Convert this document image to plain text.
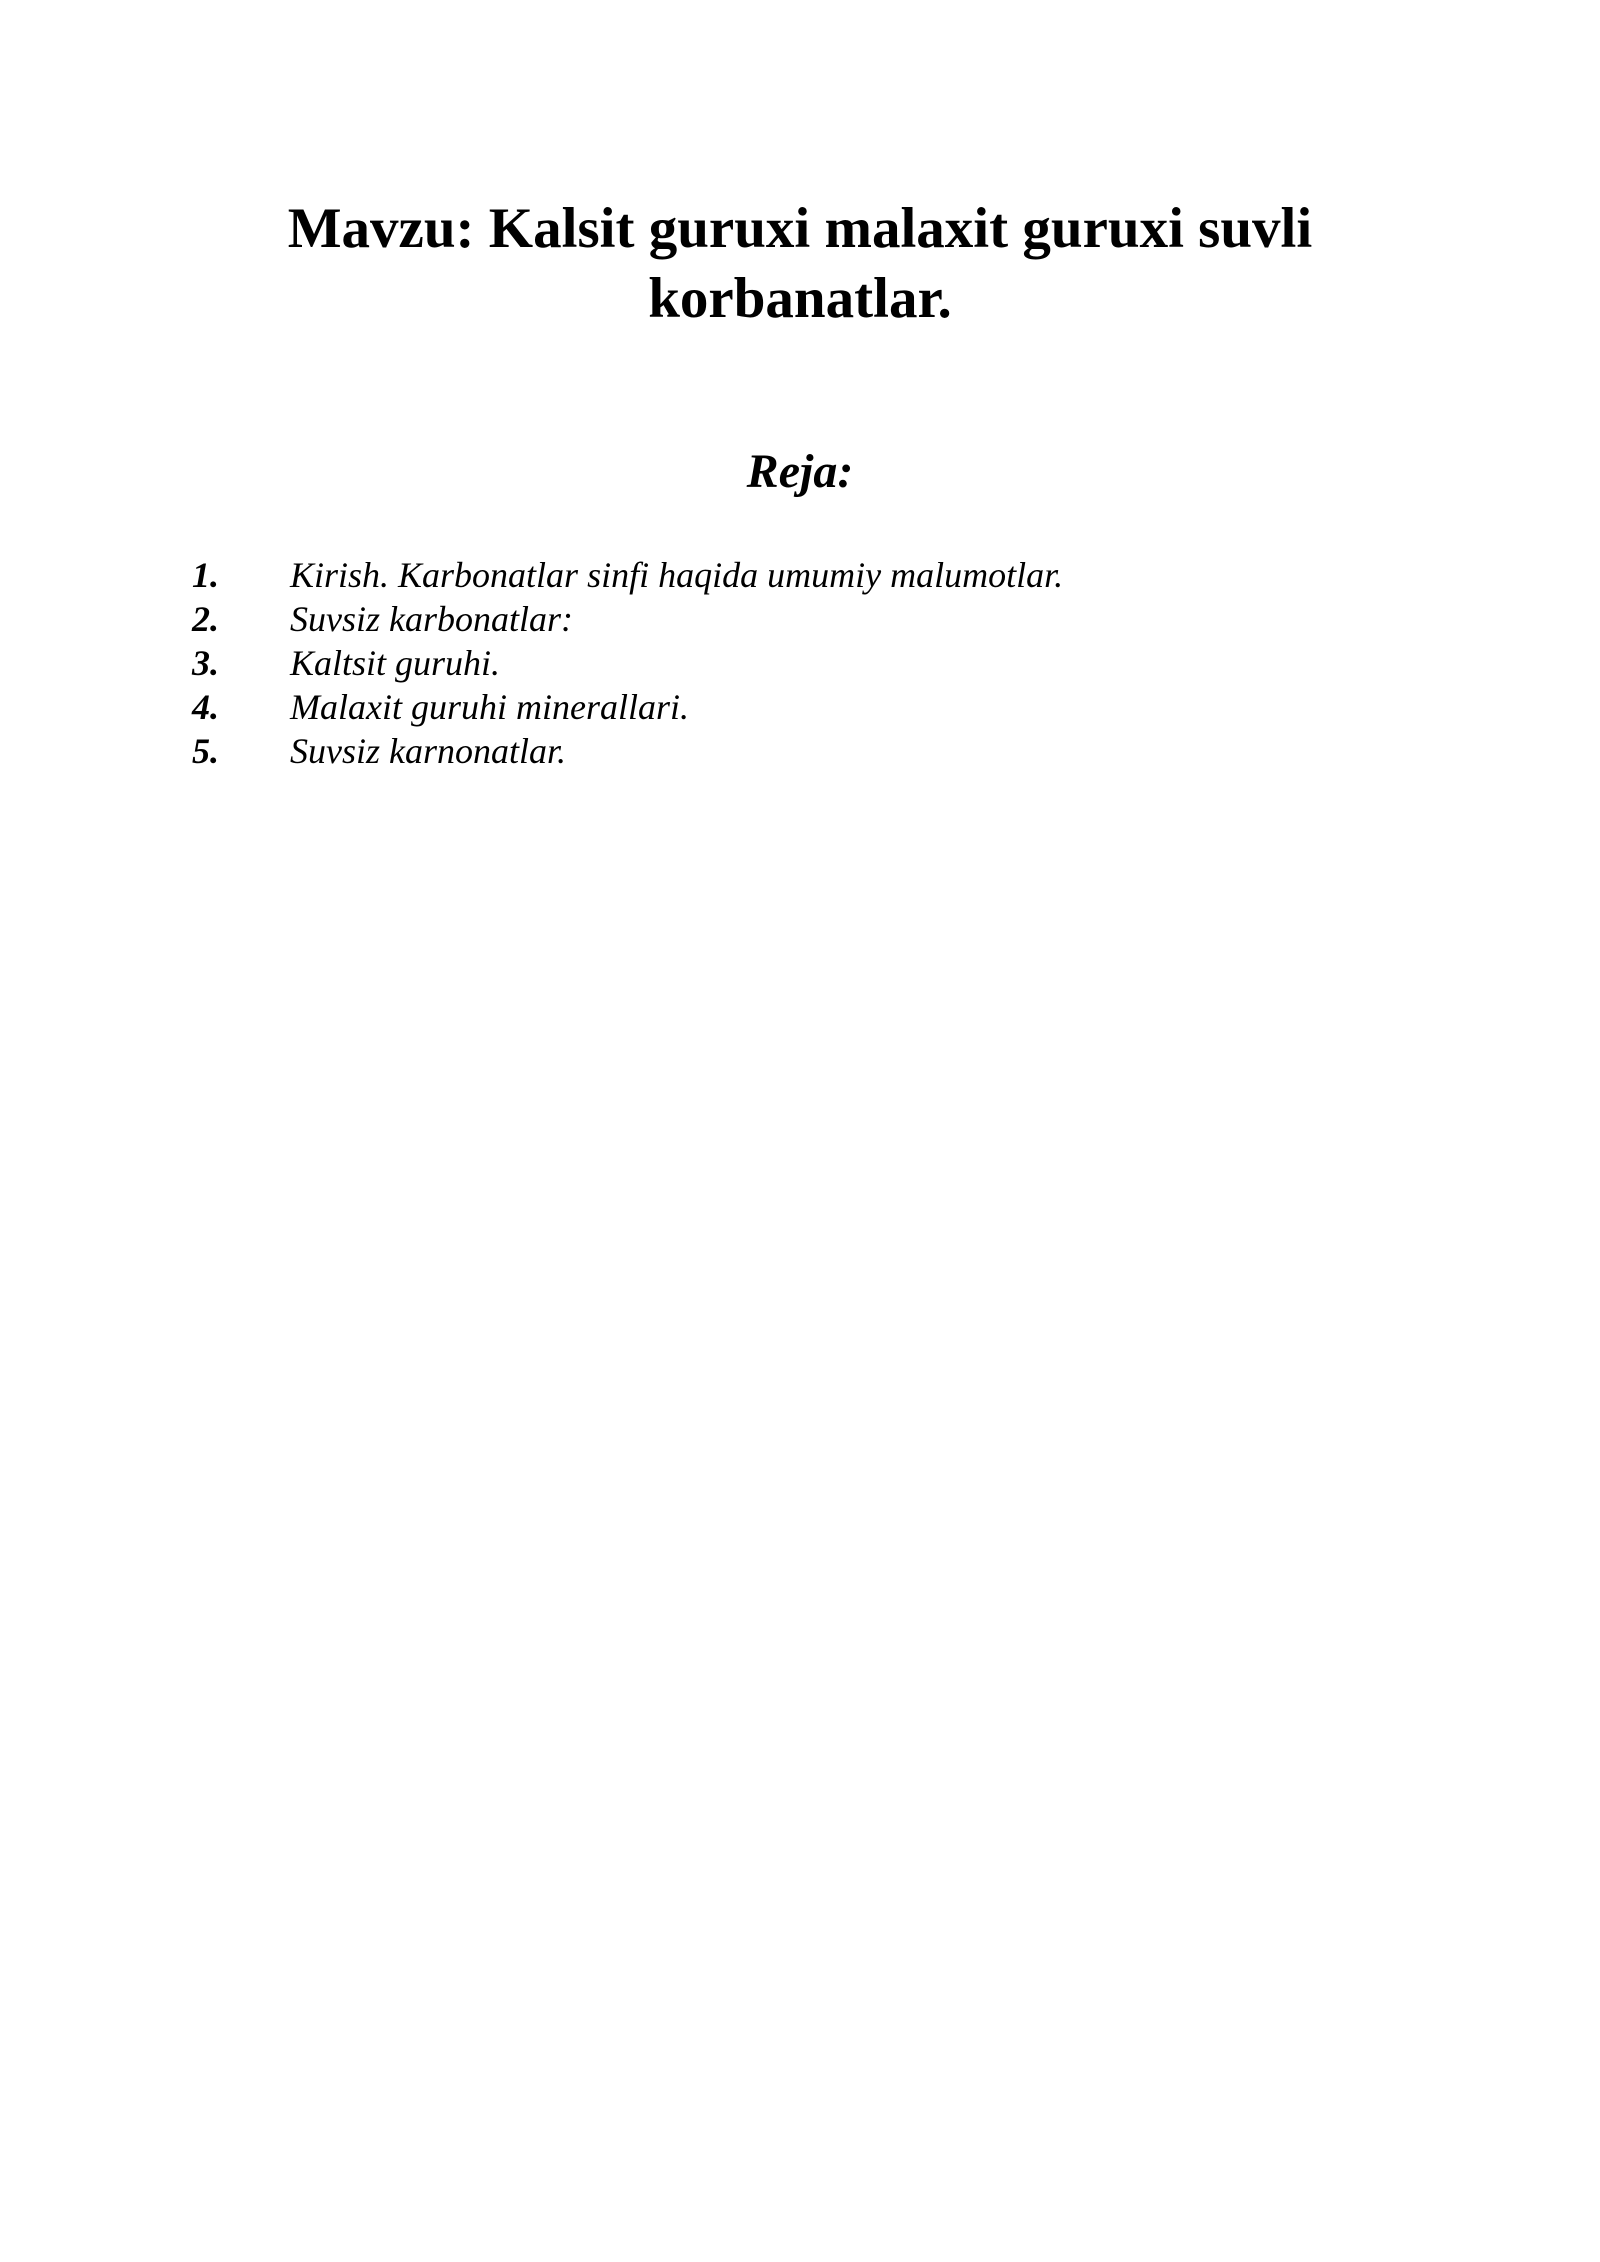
Mavzu: Kalsit guruxi malaxit guruxi suvli korbanatlar.
Reja:
1.	Kirish. Karbonatlar sinfi haqida umumiy malumotlar.
2.	Suvsiz karbonatlar:
3.	Kaltsit guruhi.
4.	Malaxit guruhi minerallari.
5.	Suvsiz karnonatlar.
